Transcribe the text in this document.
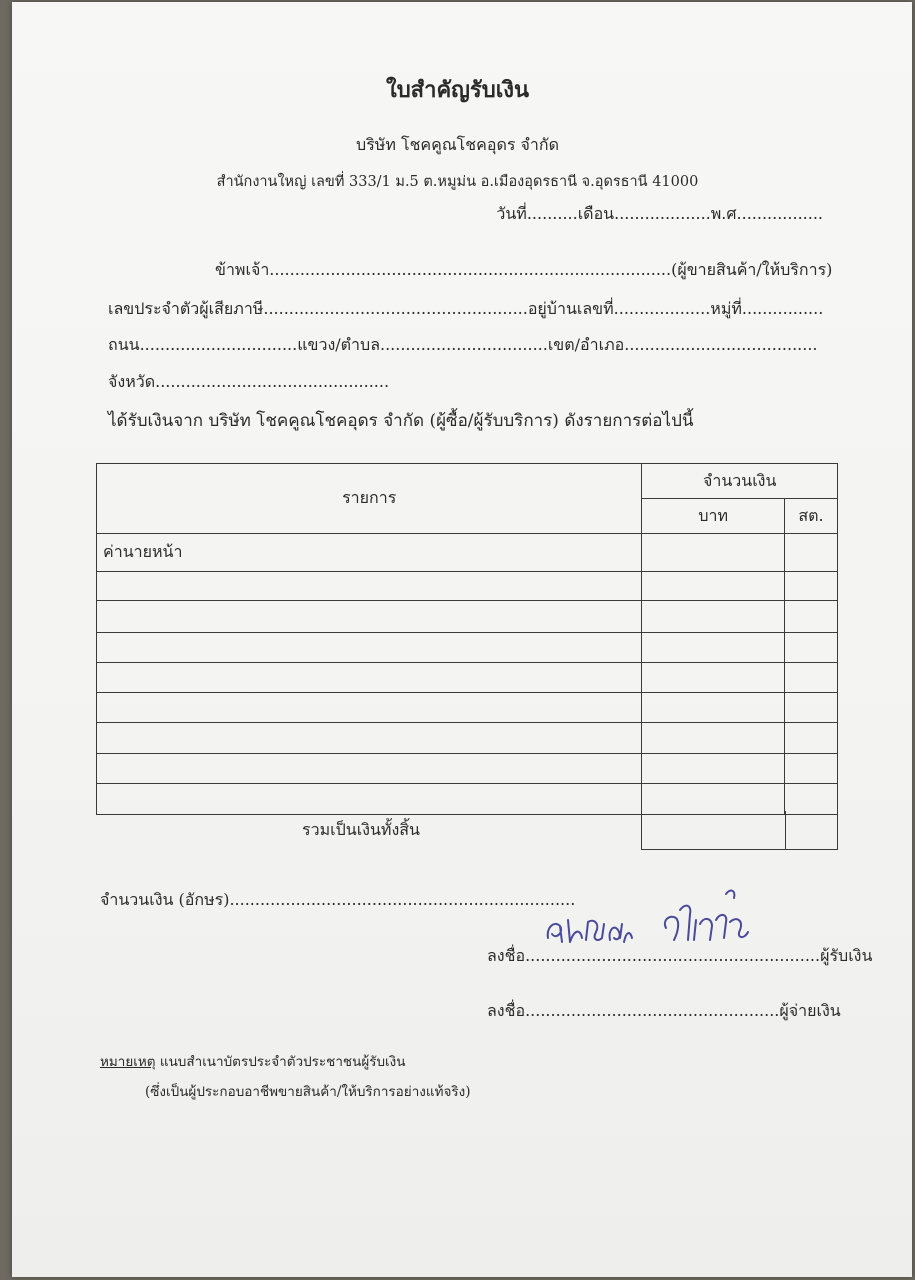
ใบสำคัญรับเงิน
บริษัท โชคคูณโชคอุดร จำกัด
สำนักงานใหญ่ เลขที่ 333/1 ม.5 ต.หมูม่น อ.เมืองอุดรธานี จ.อุดรธานี 41000
วันที่..........เดือน...................พ.ศ.................
ข้าพเจ้า...............................................................................(ผู้ขายสินค้า/ให้บริการ)
เลขประจำตัวผู้เสียภาษี....................................................อยู่บ้านเลขที่...................หมู่ที่................
ถนน...............................แขวง/ตำบล.................................เขต/อำเภอ......................................
จังหวัด..............................................
ได้รับเงินจาก บริษัท โชคคูณโชคอุดร จำกัด (ผู้ซื้อ/ผู้รับบริการ) ดังรายการต่อไปนี้
รายการ	จำนวนเงิน	
	บาท	สต.
ค่านายหน้า		

รวมเป็นเงินทั้งสิ้น
จำนวนเงิน (อักษร)....................................................................
ลงชื่อ..........................................................ผู้รับเงิน
ลงชื่อ..................................................ผู้จ่ายเงิน
หมายเหตุ แนบสำเนาบัตรประจำตัวประชาชนผู้รับเงิน
(ซึ่งเป็นผู้ประกอบอาชีพขายสินค้า/ให้บริการอย่างแท้จริง)
